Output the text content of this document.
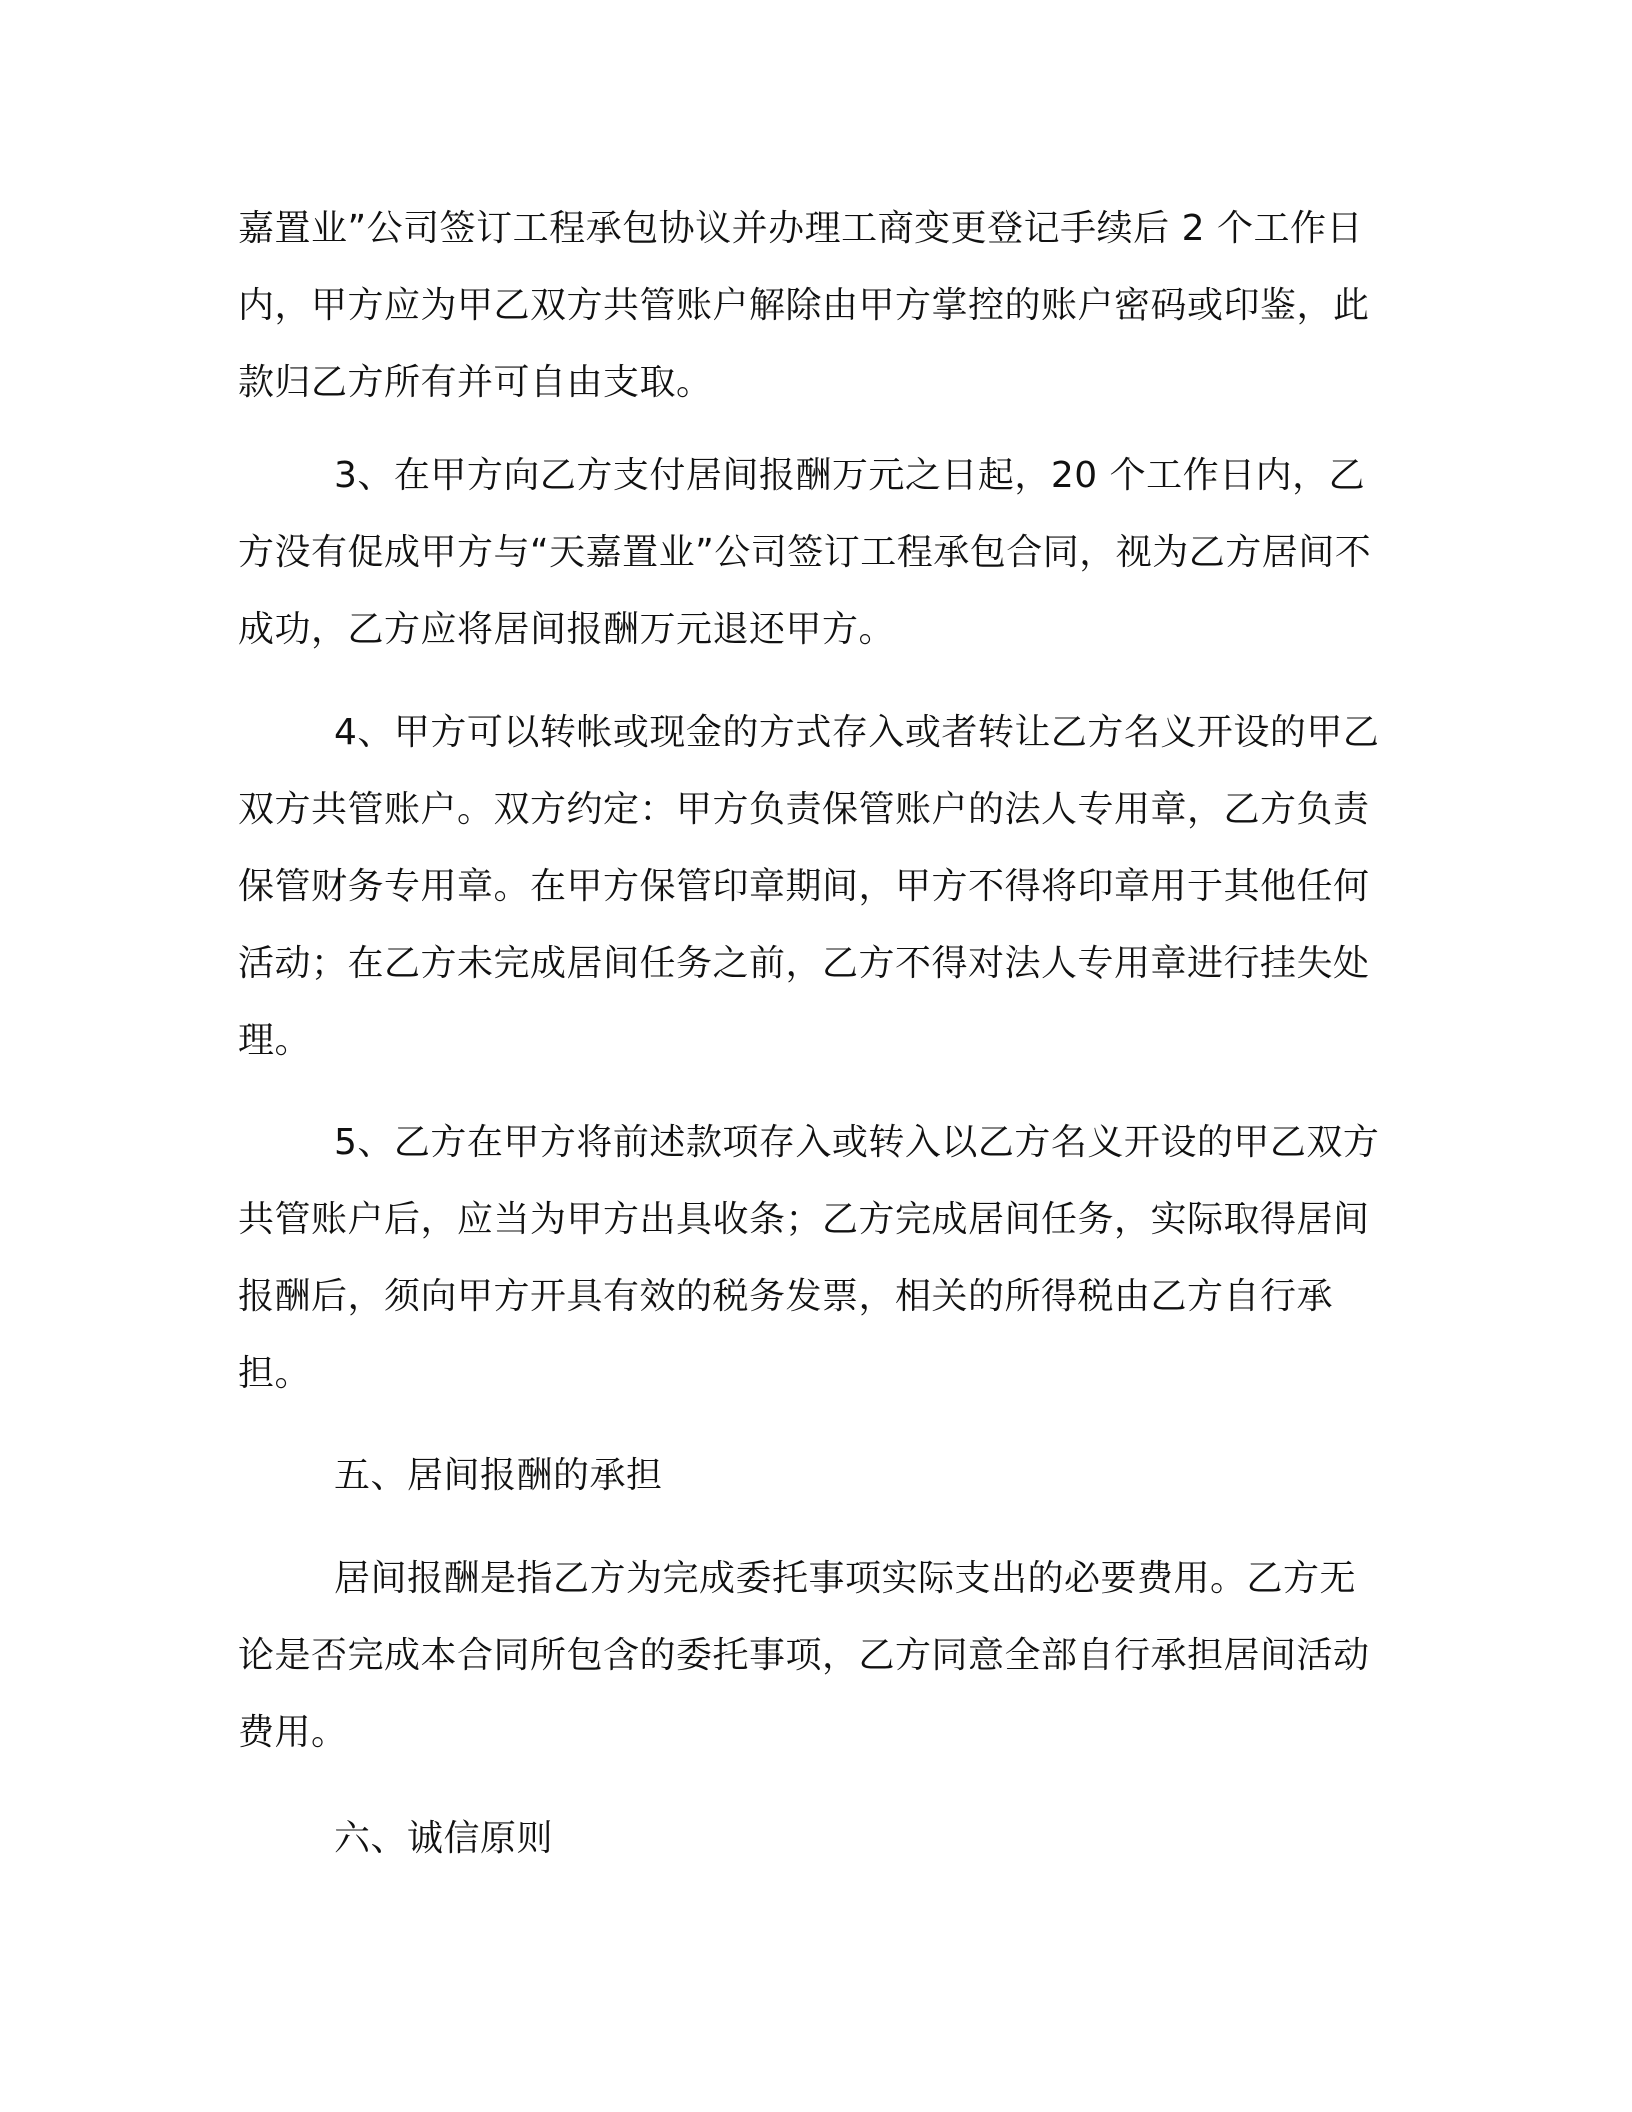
嘉置业”公司签订工程承包协议并办理工商变更登记手续后 2 个工作日内，甲方应为甲乙双方共管账户解除由甲方掌控的账户密码或印鉴，此款归乙方所有并可自由支取。

3、在甲方向乙方支付居间报酬万元之日起，20 个工作日内，乙方没有促成甲方与“天嘉置业”公司签订工程承包合同，视为乙方居间不成功，乙方应将居间报酬万元退还甲方。

4、甲方可以转帐或现金的方式存入或者转让乙方名义开设的甲乙双方共管账户。双方约定：甲方负责保管账户的法人专用章，乙方负责保管财务专用章。在甲方保管印章期间，甲方不得将印章用于其他任何活动；在乙方未完成居间任务之前，乙方不得对法人专用章进行挂失处理。

5、乙方在甲方将前述款项存入或转入以乙方名义开设的甲乙双方共管账户后，应当为甲方出具收条；乙方完成居间任务，实际取得居间报酬后，须向甲方开具有效的税务发票，相关的所得税由乙方自行承担。

五、居间报酬的承担

居间报酬是指乙方为完成委托事项实际支出的必要费用。乙方无论是否完成本合同所包含的委托事项，乙方同意全部自行承担居间活动费用。

六、诚信原则
